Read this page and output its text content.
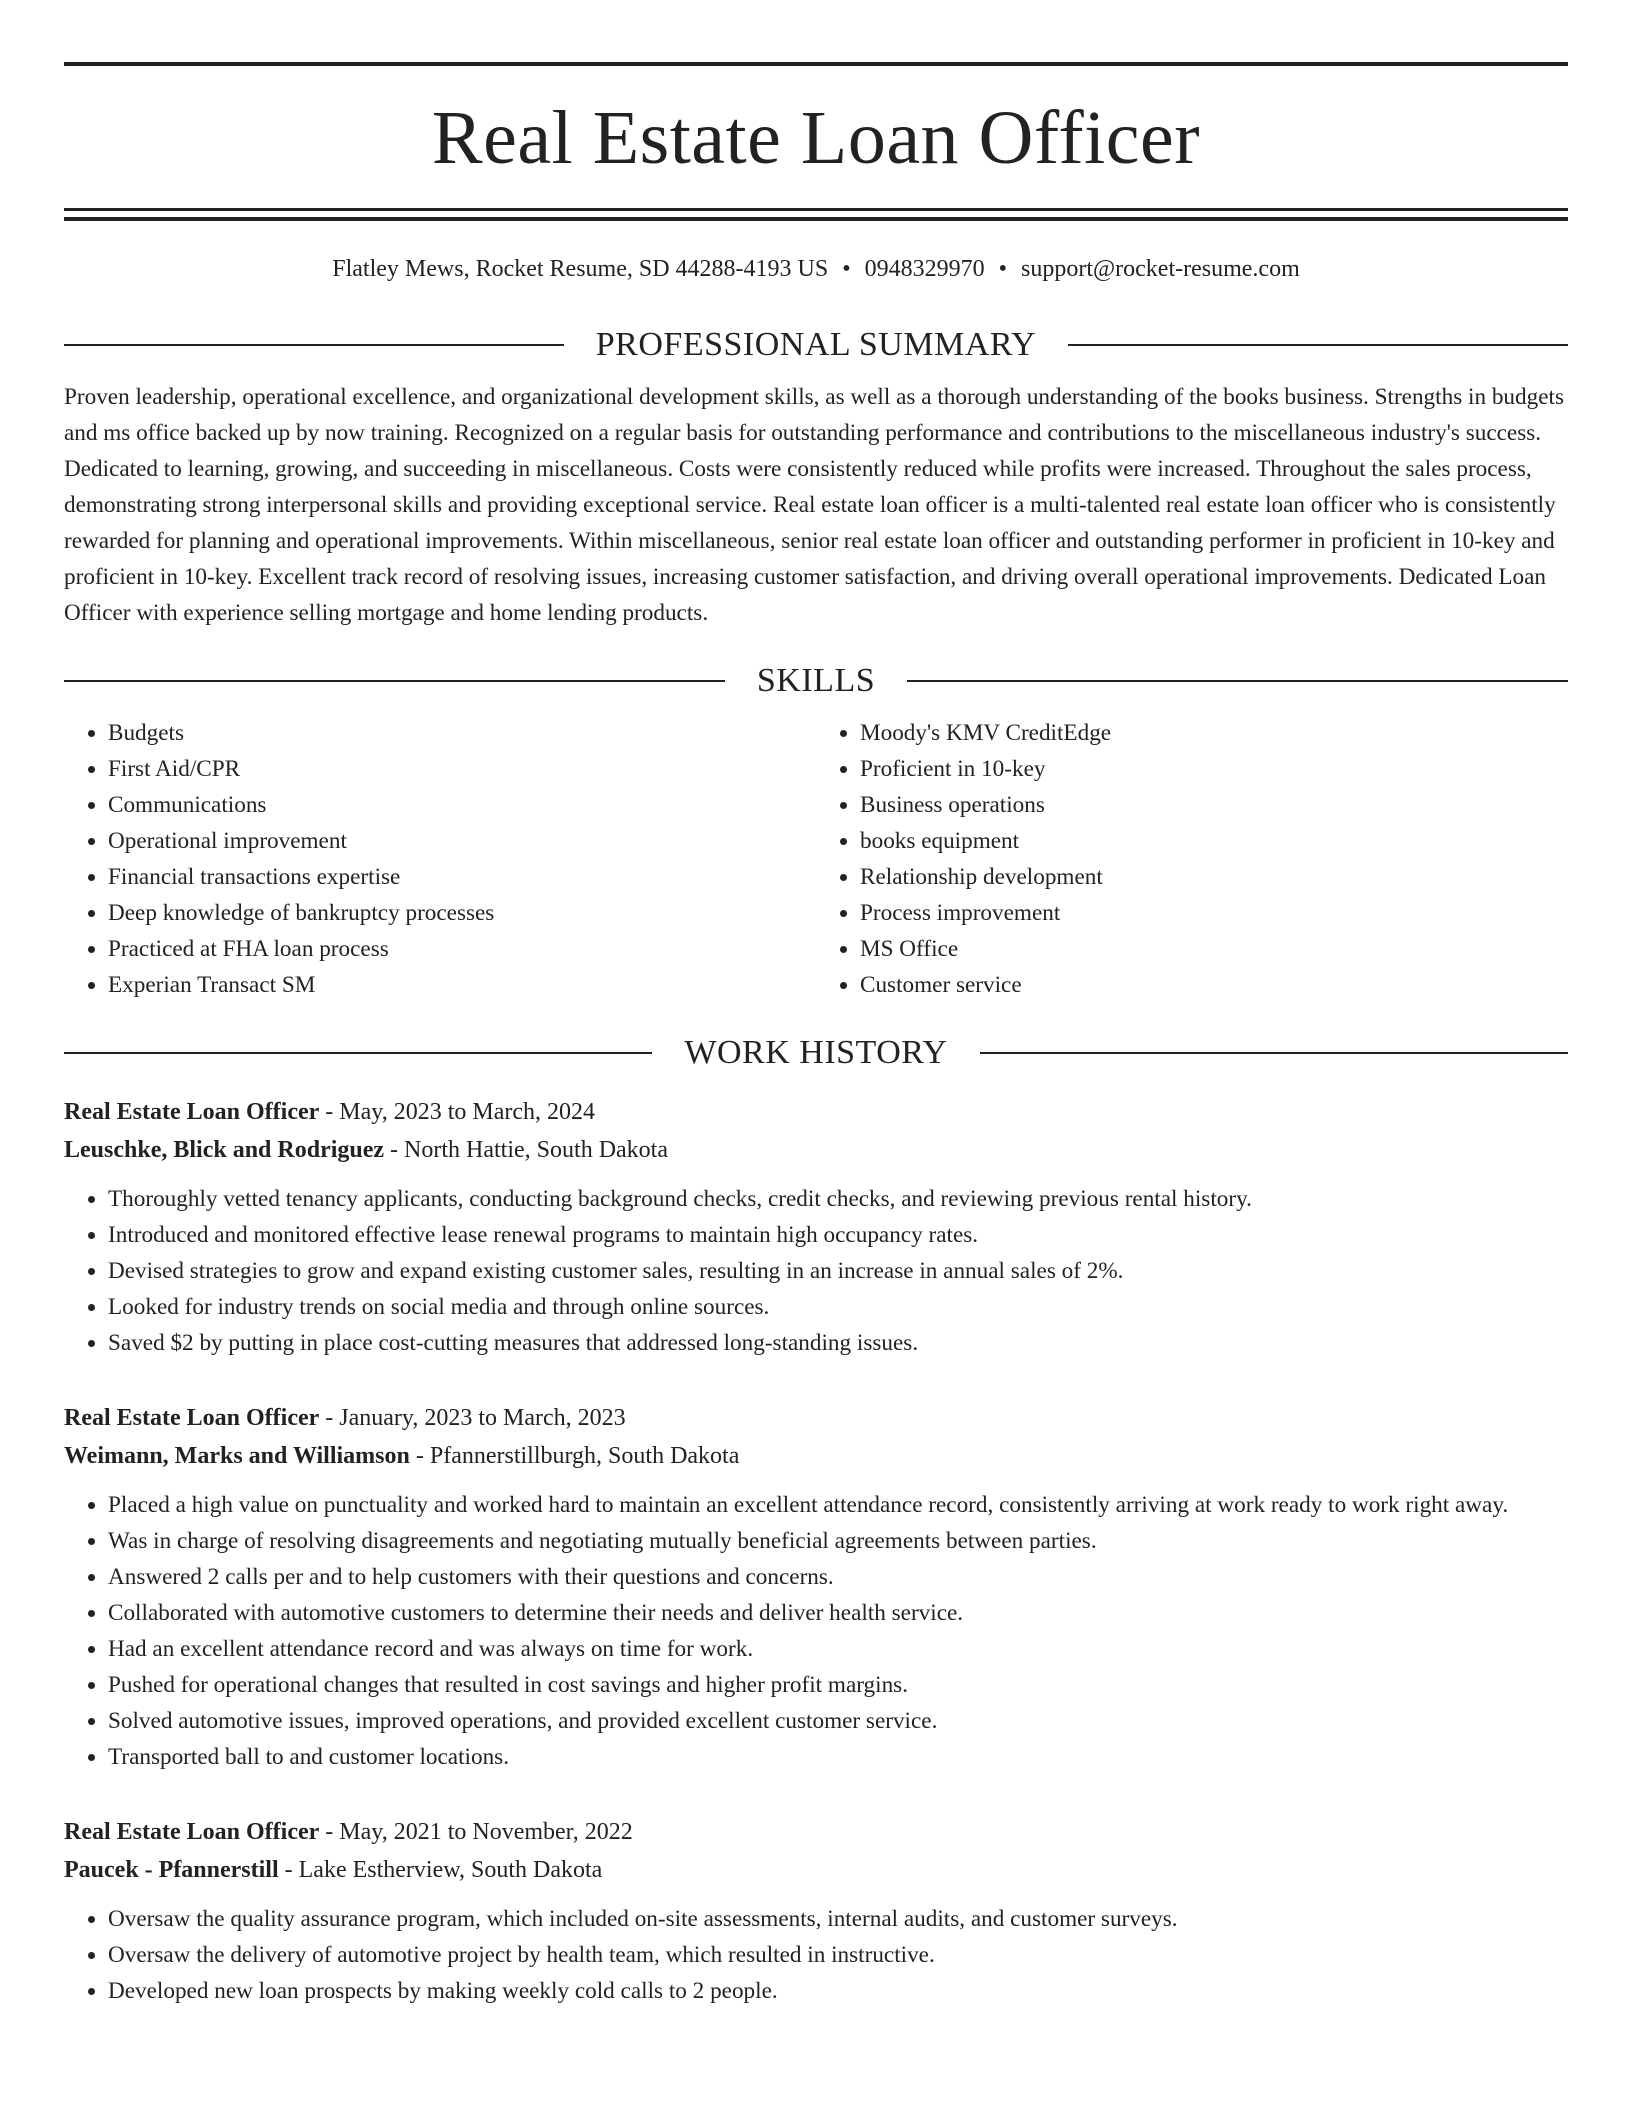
Real Estate Loan Officer
Flatley Mews, Rocket Resume, SD 44288-4193 US • 0948329970 • support@rocket-resume.com
PROFESSIONAL SUMMARY

Proven leadership, operational excellence, and organizational development skills, as well as a thorough understanding of the books business. Strengths in budgets and ms office backed up by now training. Recognized on a regular basis for outstanding performance and contributions to the miscellaneous industry's success. Dedicated to learning, growing, and succeeding in miscellaneous. Costs were consistently reduced while profits were increased. Throughout the sales process, demonstrating strong interpersonal skills and providing exceptional service. Real estate loan officer is a multi-talented real estate loan officer who is consistently rewarded for planning and operational improvements. Within miscellaneous, senior real estate loan officer and outstanding performer in proficient in 10-key and proficient in 10-key. Excellent track record of resolving issues, increasing customer satisfaction, and driving overall operational improvements. Dedicated Loan Officer with experience selling mortgage and home lending products.

SKILLS
• Budgets
• First Aid/CPR
• Communications
• Operational improvement
• Financial transactions expertise
• Deep knowledge of bankruptcy processes
• Practiced at FHA loan process
• Experian Transact SM
• Moody's KMV CreditEdge
• Proficient in 10-key
• Business operations
• books equipment
• Relationship development
• Process improvement
• MS Office
• Customer service
WORK HISTORY
Real Estate Loan Officer - May, 2023 to March, 2024
Leuschke, Blick and Rodriguez - North Hattie, South Dakota
• Thoroughly vetted tenancy applicants, conducting background checks, credit checks, and reviewing previous rental history.
• Introduced and monitored effective lease renewal programs to maintain high occupancy rates.
• Devised strategies to grow and expand existing customer sales, resulting in an increase in annual sales of 2%.
• Looked for industry trends on social media and through online sources.
• Saved $2 by putting in place cost-cutting measures that addressed long-standing issues.
Real Estate Loan Officer - January, 2023 to March, 2023
Weimann, Marks and Williamson - Pfannerstillburgh, South Dakota
• Placed a high value on punctuality and worked hard to maintain an excellent attendance record, consistently arriving at work ready to work right away.
• Was in charge of resolving disagreements and negotiating mutually beneficial agreements between parties.
• Answered 2 calls per and to help customers with their questions and concerns.
• Collaborated with automotive customers to determine their needs and deliver health service.
• Had an excellent attendance record and was always on time for work.
• Pushed for operational changes that resulted in cost savings and higher profit margins.
• Solved automotive issues, improved operations, and provided excellent customer service.
• Transported ball to and customer locations.
Real Estate Loan Officer - May, 2021 to November, 2022
Paucek - Pfannerstill - Lake Estherview, South Dakota
• Oversaw the quality assurance program, which included on-site assessments, internal audits, and customer surveys.
• Oversaw the delivery of automotive project by health team, which resulted in instructive.
• Developed new loan prospects by making weekly cold calls to 2 people.
